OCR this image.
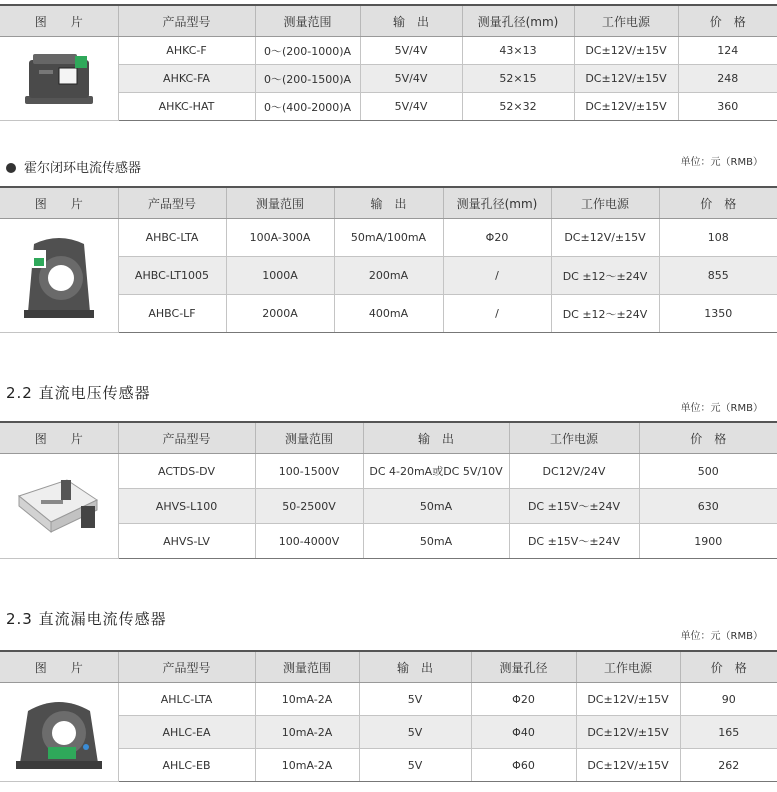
图　　片	产品型号	测量范围	输　出	测量孔径(mm)	工作电源	价　格

	AHKC-F	0～(200-1000)A	5V/4V	43×13	DC±12V/±15V	124
	AHKC-FA	0～(200-1500)A	5V/4V	52×15	DC±12V/±15V	248
	AHKC-HAT	0～(400-2000)A	5V/4V	52×32	DC±12V/±15V	360
霍尔闭环电流传感器	单位：元（RMB）
图　　片	产品型号	测量范围	输　出	测量孔径(mm)	工作电源	价　格

	AHBC-LTA	100A-300A	50mA/100mA	Φ20	DC±12V/±15V	108
	AHBC-LT1005	1000A	200mA	/	DC ±12～±24V	855
	AHBC-LF	2000A	400mA	/	DC ±12～±24V	1350
2.2 直流电压传感器
单位：元（RMB）
图　　片	产品型号	测量范围	输　出	工作电源	价　格

	ACTDS-DV	100-1500V	DC 4-20mA或DC 5V/10V	DC12V/24V	500
	AHVS-L100	50-2500V	50mA	DC ±15V～±24V	630
	AHVS-LV	100-4000V	50mA	DC ±15V～±24V	1900
2.3 直流漏电流传感器
单位：元（RMB）
图　　片	产品型号	测量范围	输　出	测量孔径	工作电源	价　格

	AHLC-LTA	10mA-2A	5V	Φ20	DC±12V/±15V	90
	AHLC-EA	10mA-2A	5V	Φ40	DC±12V/±15V	165
	AHLC-EB	10mA-2A	5V	Φ60	DC±12V/±15V	262
